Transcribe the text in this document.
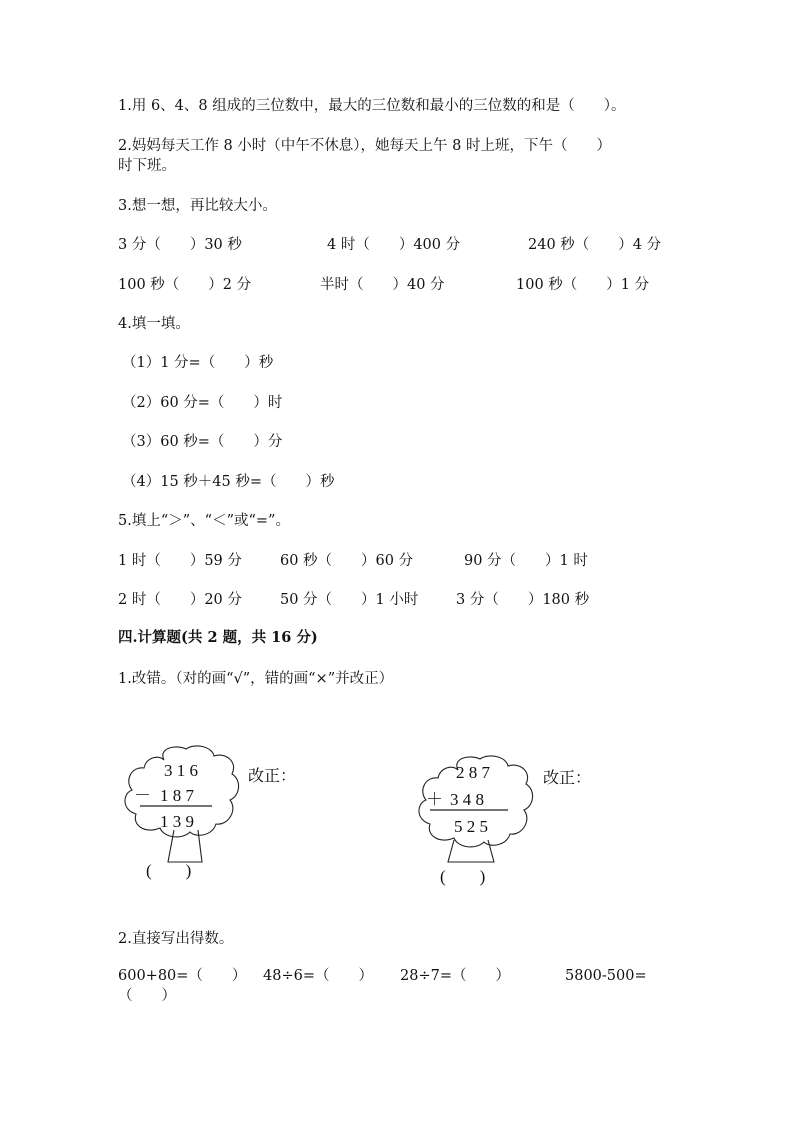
1.用 6、4、8 组成的三位数中，最大的三位数和最小的三位数的和是（　　）。
2.妈妈每天工作 8 小时（中午不休息），她每天上午 8 时上班，下午（　　）
时下班。
3.想一想，再比较大小。
3 分（　　）30 秒	4 时（　　）400 分	240 秒（　　）4 分
100 秒（　　）2 分	半时（　　）40 分	100 秒（　　）1 分
4.填一填。
（1）1 分=（　　）秒
（2）60 分=（　　）时
（3）60 秒=（　　）分
（4）15 秒＋45 秒=（　　）秒
5.填上“＞”、“＜”或“=”。
1 时（　　）59 分	60 秒（　　）60 分	90 分（　　）1 时
2 时（　　）20 分	50 分（　　）1 小时	3 分（　　）180 秒
四.计算题(共 2 题，共 16 分)
1.改错。（对的画“√”，错的画“×”并改正）
3 1 6
－ 1 8 7
1 3 9
(　　)
改正：	2 8 7
＋ 3 4 8
5 2 5
(　　)
改正：
2.直接写出得数。
600+80=（　　） 48÷6=（　　） 28÷7=（　　）	5800-500=
（　　）
